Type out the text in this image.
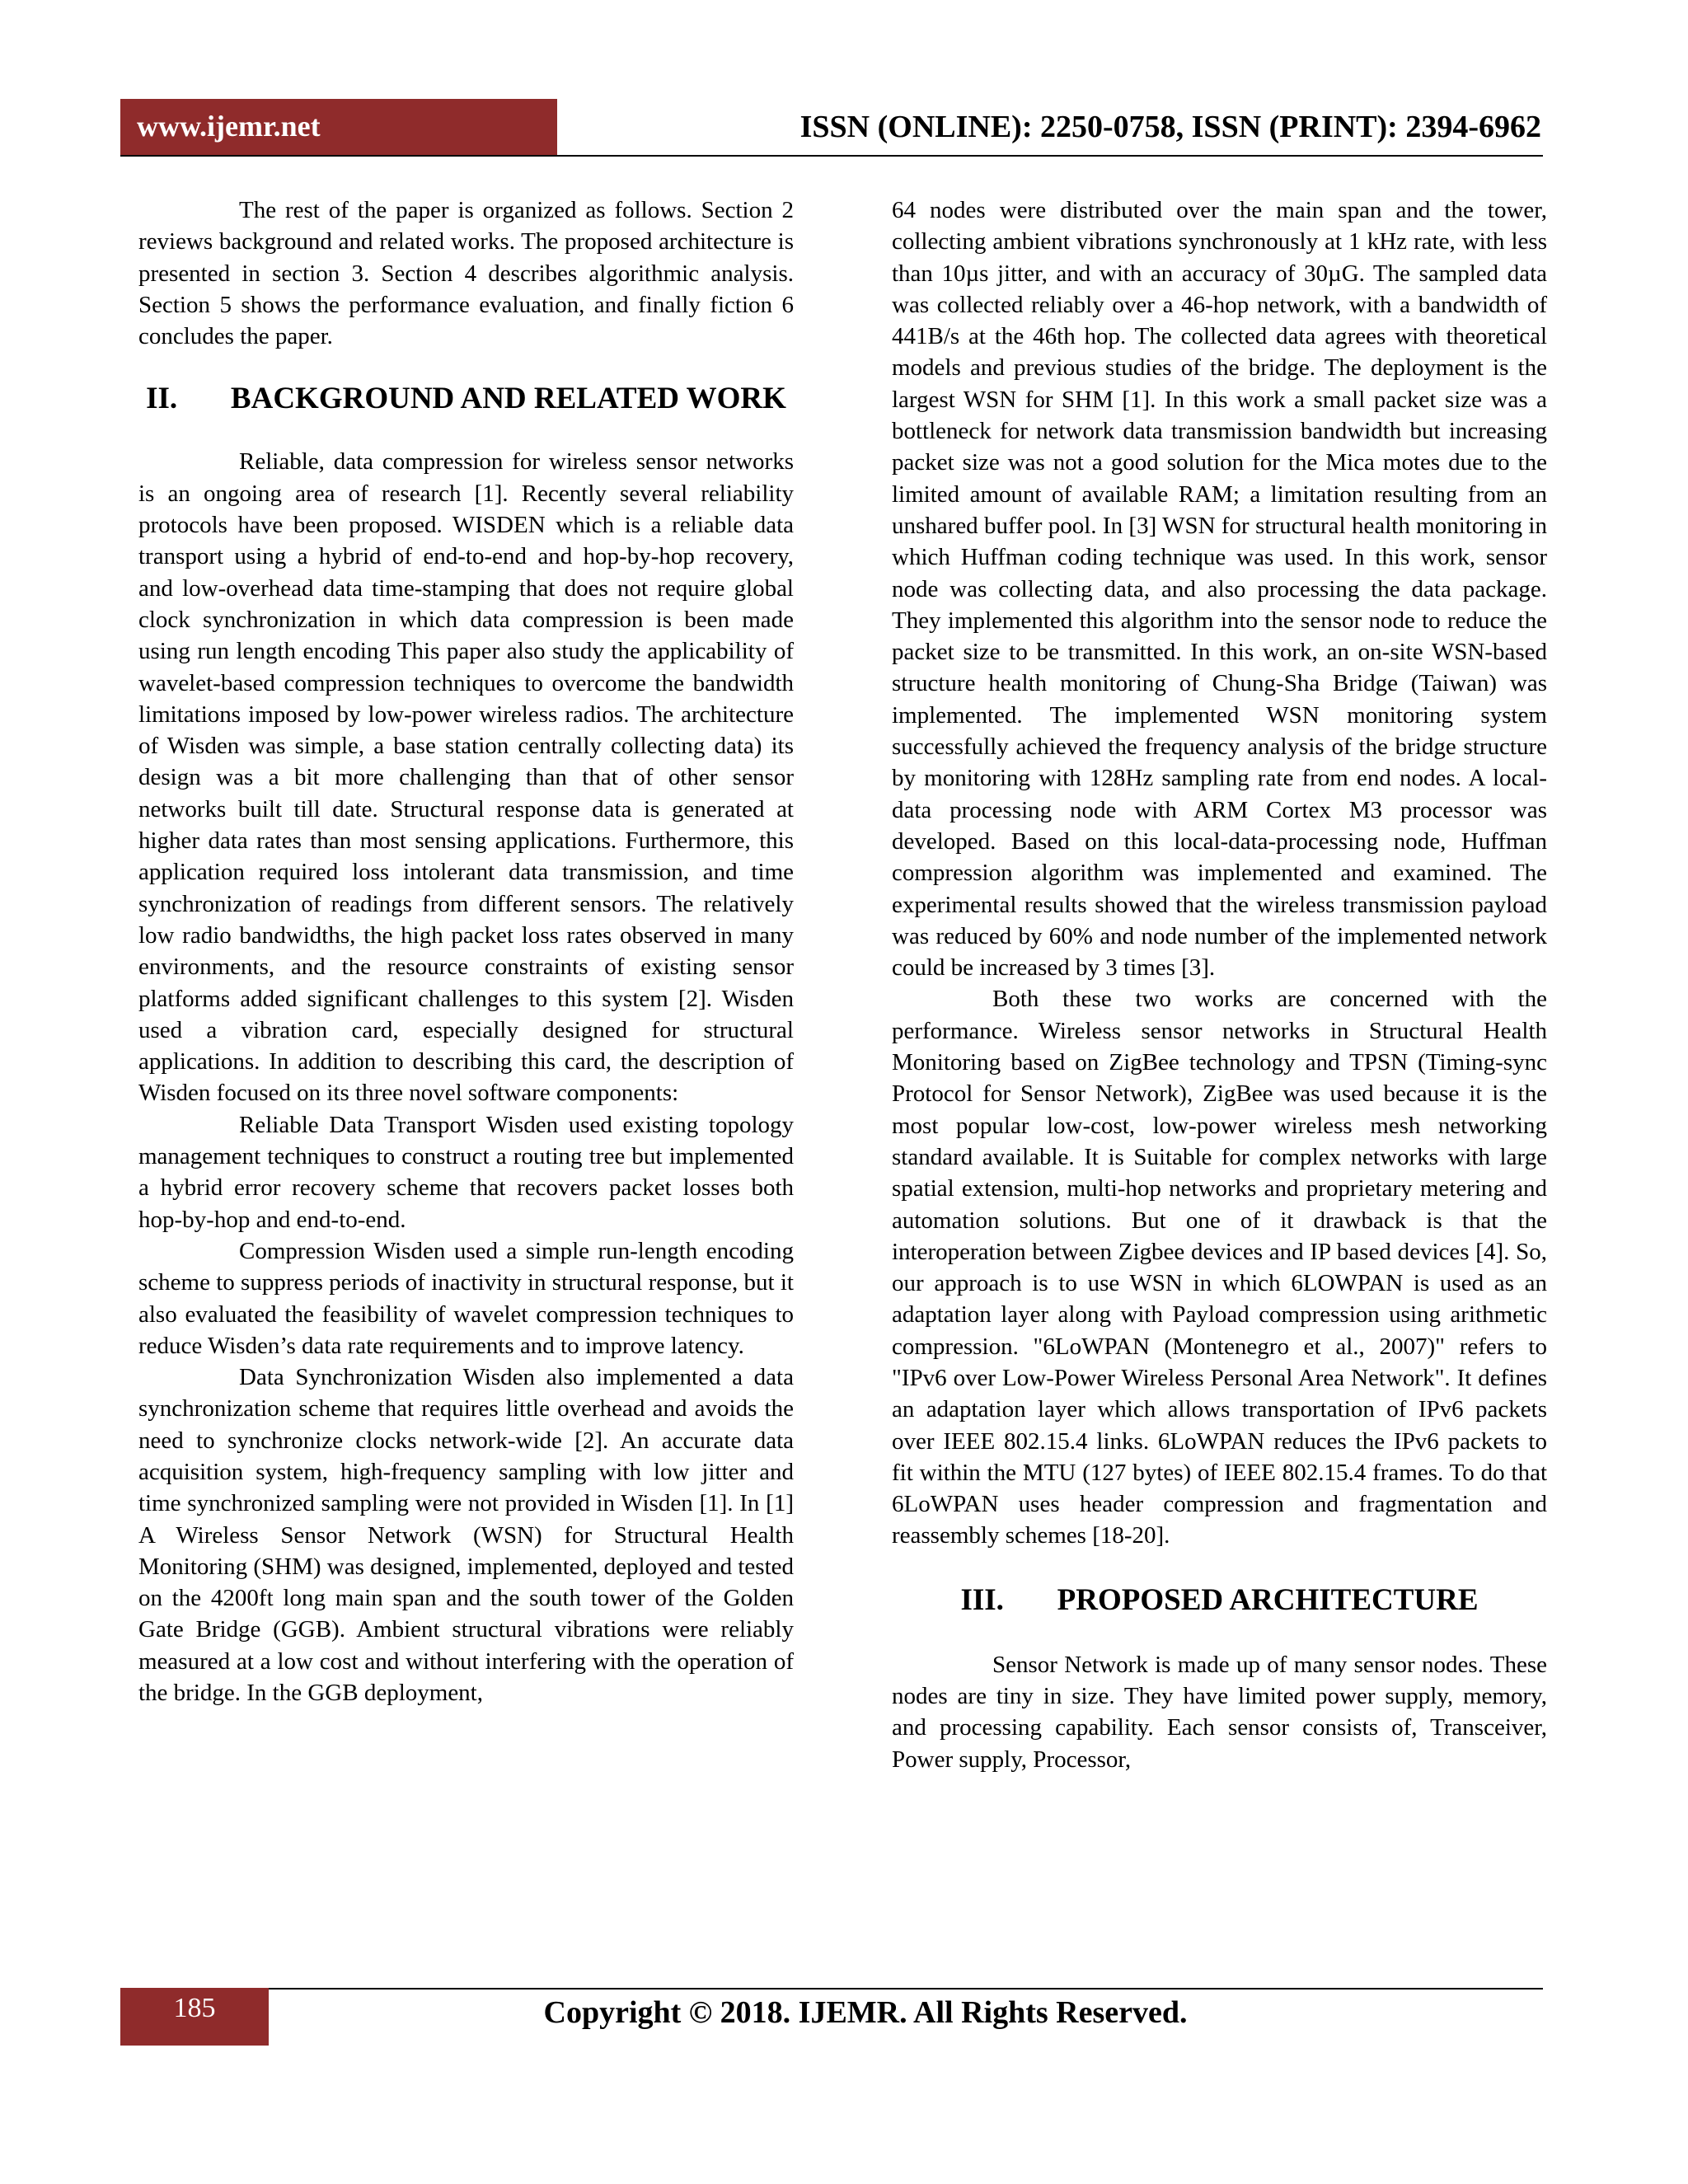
www.ijemr.net	ISSN (ONLINE): 2250-0758, ISSN (PRINT): 2394-6962

The rest of the paper is organized as follows. Section 2 reviews background and related works. The proposed architecture is presented in section 3. Section 4 describes algorithmic analysis. Section 5 shows the performance evaluation, and finally fiction 6 concludes the paper.

II. BACKGROUND AND RELATED WORK

Reliable, data compression for wireless sensor networks is an ongoing area of research [1]. Recently several reliability protocols have been proposed. WISDEN which is a reliable data transport using a hybrid of end-to-end and hop-by-hop recovery, and low-overhead data time-stamping that does not require global clock synchronization in which data compression is been made using run length encoding This paper also study the applicability of wavelet-based compression techniques to overcome the bandwidth limitations imposed by low-power wireless radios. The architecture of Wisden was simple, a base station centrally collecting data) its design was a bit more challenging than that of other sensor networks built till date. Structural response data is generated at higher data rates than most sensing applications. Furthermore, this application required loss intolerant data transmission, and time synchronization of readings from different sensors. The relatively low radio bandwidths, the high packet loss rates observed in many environments, and the resource constraints of existing sensor platforms added significant challenges to this system [2]. Wisden used a vibration card, especially designed for structural applications. In addition to describing this card, the description of Wisden focused on its three novel software components:

Reliable Data Transport Wisden used existing topology management techniques to construct a routing tree but implemented a hybrid error recovery scheme that recovers packet losses both hop-by-hop and end-to-end.

Compression Wisden used a simple run-length encoding scheme to suppress periods of inactivity in structural response, but it also evaluated the feasibility of wavelet compression techniques to reduce Wisden’s data rate requirements and to improve latency.

Data Synchronization Wisden also implemented a data synchronization scheme that requires little overhead and avoids the need to synchronize clocks network-wide [2]. An accurate data acquisition system, high-frequency sampling with low jitter and time synchronized sampling were not provided in Wisden [1]. In [1] A Wireless Sensor Network (WSN) for Structural Health Monitoring (SHM) was designed, implemented, deployed and tested on the 4200ft long main span and the south tower of the Golden Gate Bridge (GGB). Ambient structural vibrations were reliably measured at a low cost and without interfering with the operation of the bridge. In the GGB deployment,

64 nodes were distributed over the main span and the tower, collecting ambient vibrations synchronously at 1 kHz rate, with less than 10µs jitter, and with an accuracy of 30µG. The sampled data was collected reliably over a 46-hop network, with a bandwidth of 441B/s at the 46th hop. The collected data agrees with theoretical models and previous studies of the bridge. The deployment is the largest WSN for SHM [1]. In this work a small packet size was a bottleneck for network data transmission bandwidth but increasing packet size was not a good solution for the Mica motes due to the limited amount of available RAM; a limitation resulting from an unshared buffer pool. In [3] WSN for structural health monitoring in which Huffman coding technique was used. In this work, sensor node was collecting data, and also processing the data package. They implemented this algorithm into the sensor node to reduce the packet size to be transmitted. In this work, an on-site WSN-based structure health monitoring of Chung-Sha Bridge (Taiwan) was implemented. The implemented WSN monitoring system successfully achieved the frequency analysis of the bridge structure by monitoring with 128Hz sampling rate from end nodes. A local-data processing node with ARM Cortex M3 processor was developed. Based on this local-data-processing node, Huffman compression algorithm was implemented and examined. The experimental results showed that the wireless transmission payload was reduced by 60% and node number of the implemented network could be increased by 3 times [3].

Both these two works are concerned with the performance. Wireless sensor networks in Structural Health Monitoring based on ZigBee technology and TPSN (Timing-sync Protocol for Sensor Network), ZigBee was used because it is the most popular low-cost, low-power wireless mesh networking standard available. It is Suitable for complex networks with large spatial extension, multi-hop networks and proprietary metering and automation solutions. But one of it drawback is that the interoperation between Zigbee devices and IP based devices [4]. So, our approach is to use WSN in which 6LOWPAN is used as an adaptation layer along with Payload compression using arithmetic compression. "6LoWPAN (Montenegro et al., 2007)" refers to "IPv6 over Low-Power Wireless Personal Area Network". It defines an adaptation layer which allows transportation of IPv6 packets over IEEE 802.15.4 links. 6LoWPAN reduces the IPv6 packets to fit within the MTU (127 bytes) of IEEE 802.15.4 frames. To do that 6LoWPAN uses header compression and fragmentation and reassembly schemes [18-20].

III. PROPOSED ARCHITECTURE

Sensor Network is made up of many sensor nodes. These nodes are tiny in size. They have limited power supply, memory, and processing capability. Each sensor consists of, Transceiver, Power supply, Processor,

185	Copyright © 2018. IJEMR. All Rights Reserved.
